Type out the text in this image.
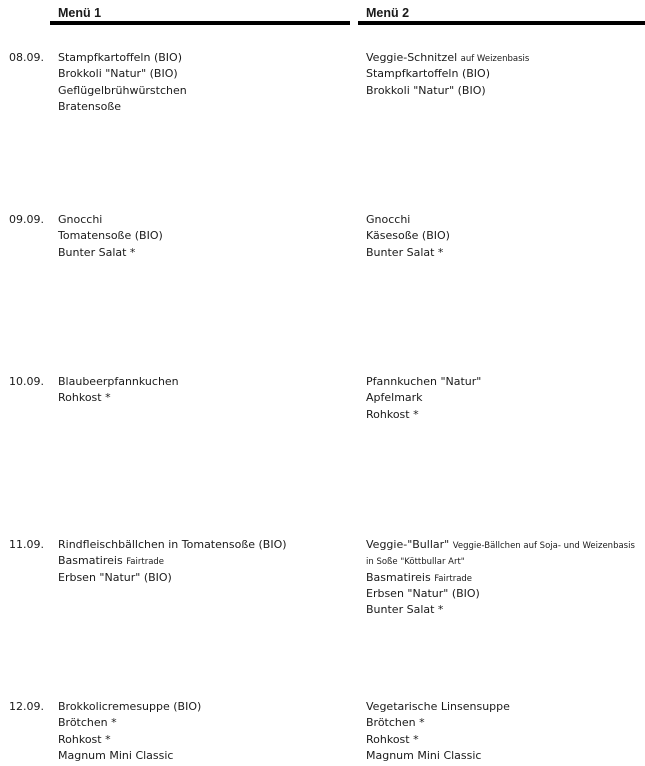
Menü 1	Menü 2
08.09. Stampfkartoffeln (BIO)
Brokkoli "Natur" (BIO)
Geflügelbrühwürstchen
Bratensoße
Veggie-Schnitzel auf Weizenbasis
Stampfkartoffeln (BIO)
Brokkoli "Natur" (BIO)
09.09. Gnocchi
Tomatensoße (BIO)
Bunter Salat *
Gnocchi
Käsesoße (BIO)
Bunter Salat *
10.09. Blaubeerpfannkuchen
Rohkost *
Pfannkuchen "Natur"
Apfelmark
Rohkost *
11.09. Rindfleischbällchen in Tomatensoße (BIO)
Basmatireis Fairtrade
Erbsen "Natur" (BIO)
Veggie-"Bullar" Veggie-Bällchen auf Soja- und Weizenbasis in Soße "Köttbullar Art"
Basmatireis Fairtrade
Erbsen "Natur" (BIO)
Bunter Salat *
12.09. Brokkolicremesuppe (BIO)
Brötchen *
Rohkost *
Magnum Mini Classic
Vegetarische Linsensuppe
Brötchen *
Rohkost *
Magnum Mini Classic
